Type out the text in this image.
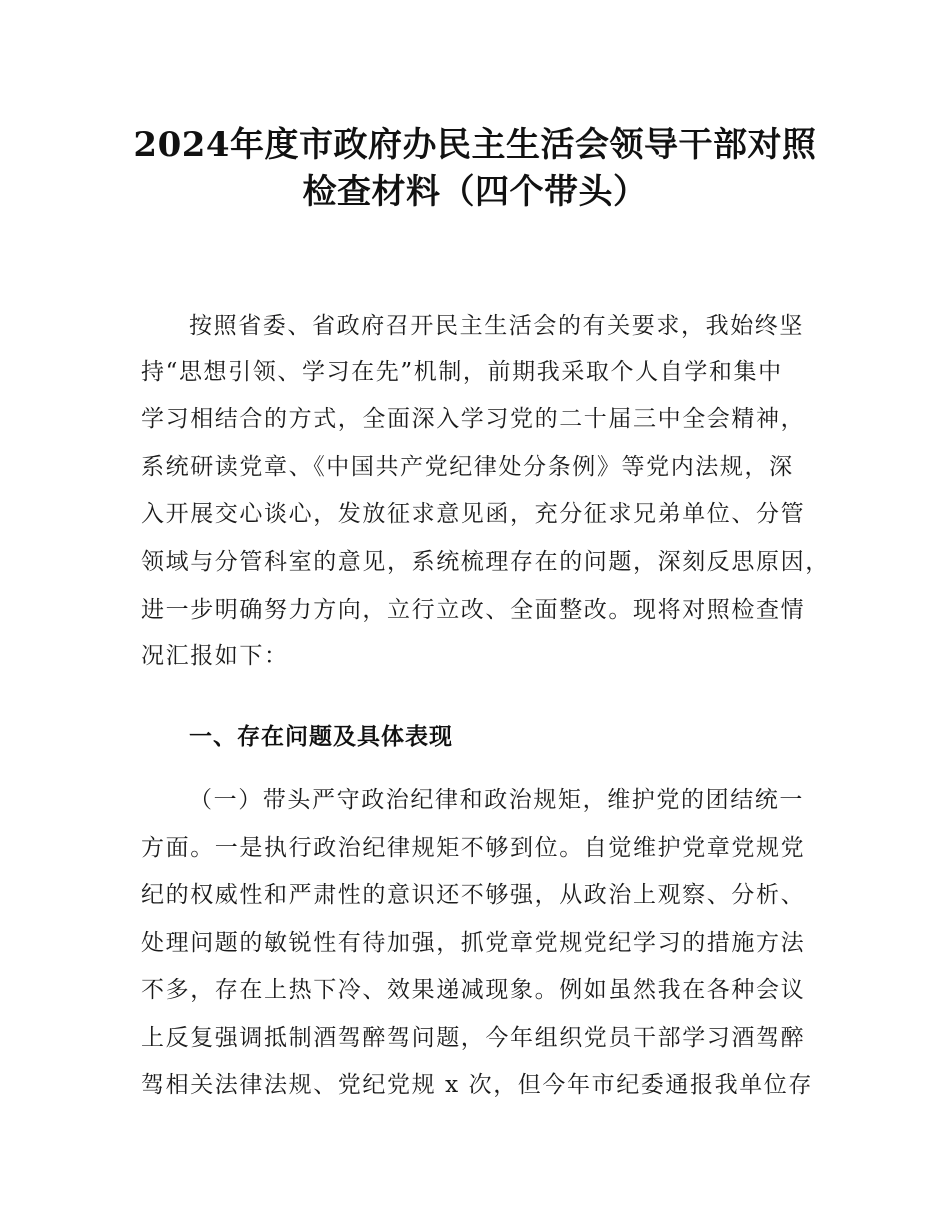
2024年度市政府办民主生活会领导干部对照
检查材料（四个带头）
按照省委、省政府召开民主生活会的有关要求，我始终坚
持“思想引领、学习在先”机制，前期我采取个人自学和集中
学习相结合的方式，全面深入学习党的二十届三中全会精神，
系统研读党章、《中国共产党纪律处分条例》等党内法规，深
入开展交心谈心，发放征求意见函，充分征求兄弟单位、分管
领域与分管科室的意见，系统梳理存在的问题，深刻反思原因，
进一步明确努力方向，立行立改、全面整改。现将对照检查情
况汇报如下：
一、存在问题及具体表现
（一）带头严守政治纪律和政治规矩，维护党的团结统一
方面。一是执行政治纪律规矩不够到位。自觉维护党章党规党
纪的权威性和严肃性的意识还不够强，从政治上观察、分析、
处理问题的敏锐性有待加强，抓党章党规党纪学习的措施方法
不多，存在上热下冷、效果递减现象。例如虽然我在各种会议
上反复强调抵制酒驾醉驾问题，今年组织党员干部学习酒驾醉
驾相关法律法规、党纪党规 x 次，但今年市纪委通报我单位存
